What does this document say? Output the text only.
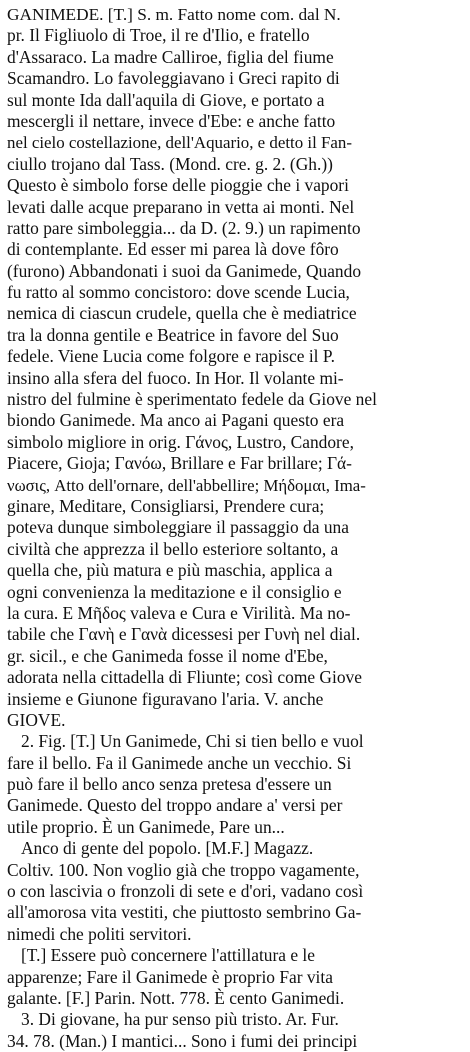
GANIMEDE. [T.] S. m. Fatto nome com. dal N.
pr. Il Figliuolo di Troe, il re d'Ilio, e fratello
d'Assaraco. La madre Calliroe, figlia del fiume
Scamandro. Lo favoleggiavano i Greci rapito di
sul monte Ida dall'aquila di Giove, e portato a
mescergli il nettare, invece d'Ebe: e anche fatto
nel cielo costellazione, dell'Aquario, e detto il Fan-
ciullo trojano dal Tass. (Mond. cre. g. 2. (Gh.))
Questo è simbolo forse delle pioggie che i vapori
levati dalle acque preparano in vetta ai monti. Nel
ratto pare simboleggia... da D. (2. 9.) un rapimento
di contemplante. Ed esser mi parea là dove fôro
(furono) Abbandonati i suoi da Ganimede, Quando
fu ratto al sommo concistoro: dove scende Lucia,
nemica di ciascun crudele, quella che è mediatrice
tra la donna gentile e Beatrice in favore del Suo
fedele. Viene Lucia come folgore e rapisce il P.
insino alla sfera del fuoco. In Hor. Il volante mi-
nistro del fulmine è sperimentato fedele da Giove nel
biondo Ganimede. Ma anco ai Pagani questo era
simbolo migliore in orig. Γάνος, Lustro, Candore,
Piacere, Gioja; Γανόω, Brillare e Far brillare; Γά-
νωσις, Atto dell'ornare, dell'abbellire; Μήδομαι, Ima-
ginare, Meditare, Consigliarsi, Prendere cura;
poteva dunque simboleggiare il passaggio da una
civiltà che apprezza il bello esteriore soltanto, a
quella che, più matura e più maschia, applica a
ogni convenienza la meditazione e il consiglio e
la cura. E Μῆδος valeva e Cura e Virilità. Ma no-
tabile che Γανὴ e Γανὰ dicessesi per Γυνὴ nel dial.
gr. sicil., e che Ganimeda fosse il nome d'Ebe,
adorata nella cittadella di Fliunte; così come Giove
insieme e Giunone figuravano l'aria. V. anche
GIOVE.
2. Fig. [T.] Un Ganimede, Chi si tien bello e vuol
fare il bello. Fa il Ganimede anche un vecchio. Si
può fare il bello anco senza pretesa d'essere un
Ganimede. Questo del troppo andare a' versi per
utile proprio. È un Ganimede, Pare un...
Anco di gente del popolo. [M.F.] Magazz.
Coltiv. 100. Non voglio già che troppo vagamente,
o con lascivia o fronzoli di sete e d'ori, vadano così
all'amorosa vita vestiti, che piuttosto sembrino Ga-
nimedi che politi servitori.
[T.] Essere può concernere l'attillatura e le
apparenze; Fare il Ganimede è proprio Far vita
galante. [F.] Parin. Nott. 778. È cento Ganimedi.
3. Di giovane, ha pur senso più tristo. Ar. Fur.
34. 78. (Man.) I mantici... Sono i fumi dei principi
